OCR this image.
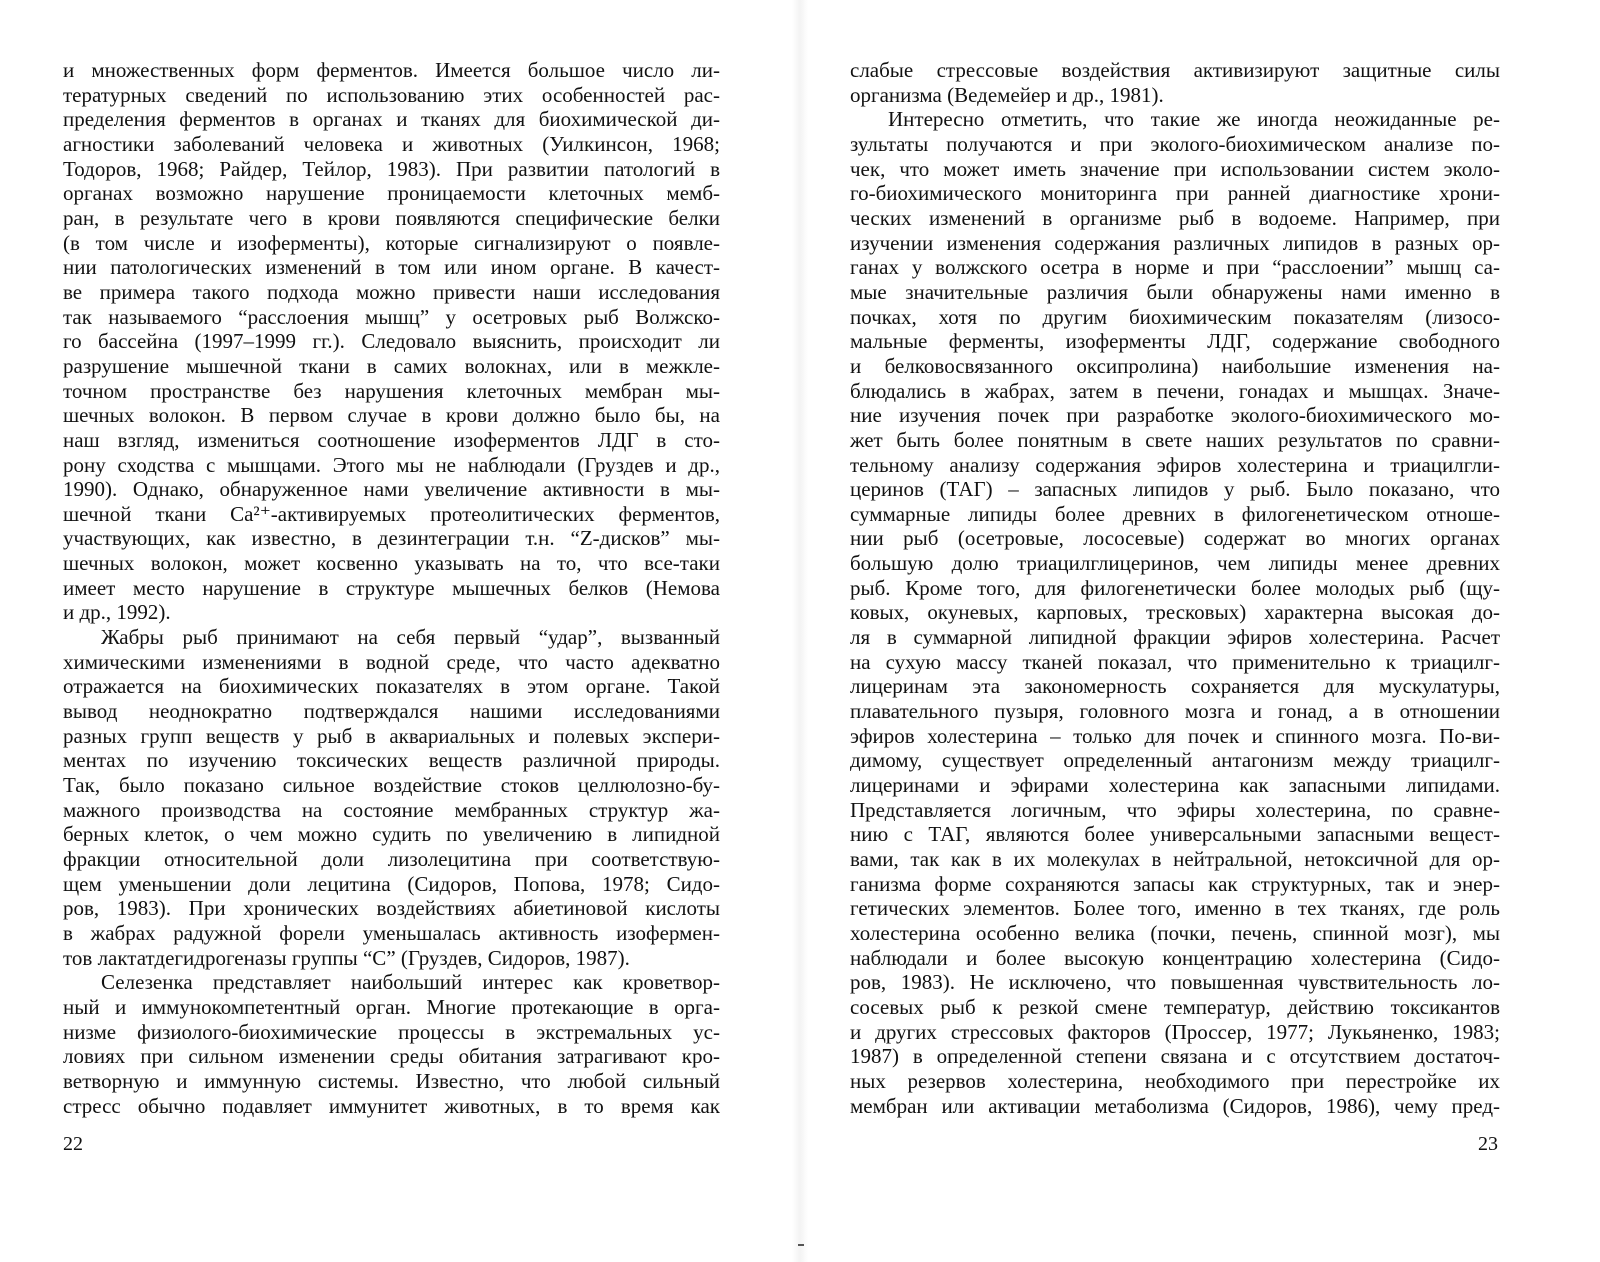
и множественных форм ферментов. Имеется большое число ли-
тературных сведений по использованию этих особенностей рас-
пределения ферментов в органах и тканях для биохимической ди-
агностики заболеваний человека и животных (Уилкинсон, 1968;
Тодоров, 1968; Райдер, Тейлор, 1983). При развитии патологий в
органах возможно нарушение проницаемости клеточных мемб-
ран, в результате чего в крови появляются специфические белки
(в том числе и изоферменты), которые сигнализируют о появле-
нии патологических изменений в том или ином органе. В качест-
ве примера такого подхода можно привести наши исследования
так называемого “расслоения мышц” у осетровых рыб Волжско-
го бассейна (1997–1999 гг.). Следовало выяснить, происходит ли
разрушение мышечной ткани в самих волокнах, или в межкле-
точном пространстве без нарушения клеточных мембран мы-
шечных волокон. В первом случае в крови должно было бы, на
наш взгляд, измениться соотношение изоферментов ЛДГ в сто-
рону сходства с мышцами. Этого мы не наблюдали (Груздев и др.,
1990). Однако, обнаруженное нами увеличение активности в мы-
шечной ткани Са²⁺-активируемых протеолитических ферментов,
участвующих, как известно, в дезинтеграции т.н. “Z-дисков” мы-
шечных волокон, может косвенно указывать на то, что все-таки
имеет место нарушение в структуре мышечных белков (Немова
и др., 1992).
Жабры рыб принимают на себя первый “удар”, вызванный
химическими изменениями в водной среде, что часто адекватно
отражается на биохимических показателях в этом органе. Такой
вывод неоднократно подтверждался нашими исследованиями
разных групп веществ у рыб в аквариальных и полевых экспери-
ментах по изучению токсических веществ различной природы.
Так, было показано сильное воздействие стоков целлюлозно-бу-
мажного производства на состояние мембранных структур жа-
берных клеток, о чем можно судить по увеличению в липидной
фракции относительной доли лизолецитина при соответствую-
щем уменьшении доли лецитина (Сидоров, Попова, 1978; Сидо-
ров, 1983). При хронических воздействиях абиетиновой кислоты
в жабрах радужной форели уменьшалась активность изофермен-
тов лактатдегидрогеназы группы “С” (Груздев, Сидоров, 1987).
Селезенка представляет наибольший интерес как кроветвор-
ный и иммунокомпетентный орган. Многие протекающие в орга-
низме физиолого-биохимические процессы в экстремальных ус-
ловиях при сильном изменении среды обитания затрагивают кро-
ветворную и иммунную системы. Известно, что любой сильный
стресс обычно подавляет иммунитет животных, в то время как
22
слабые стрессовые воздействия активизируют защитные силы
организма (Ведемейер и др., 1981).
Интересно отметить, что такие же иногда неожиданные ре-
зультаты получаются и при эколого-биохимическом анализе по-
чек, что может иметь значение при использовании систем эколо-
го-биохимического мониторинга при ранней диагностике хрони-
ческих изменений в организме рыб в водоеме. Например, при
изучении изменения содержания различных липидов в разных ор-
ганах у волжского осетра в норме и при “расслоении” мышц са-
мые значительные различия были обнаружены нами именно в
почках, хотя по другим биохимическим показателям (лизосо-
мальные ферменты, изоферменты ЛДГ, содержание свободного
и белковосвязанного оксипролина) наибольшие изменения на-
блюдались в жабрах, затем в печени, гонадах и мышцах. Значе-
ние изучения почек при разработке эколого-биохимического мо-
жет быть более понятным в свете наших результатов по сравни-
тельному анализу содержания эфиров холестерина и триацилгли-
церинов (ТАГ) – запасных липидов у рыб. Было показано, что
суммарные липиды более древних в филогенетическом отноше-
нии рыб (осетровые, лососевые) содержат во многих органах
большую долю триацилглицеринов, чем липиды менее древних
рыб. Кроме того, для филогенетически более молодых рыб (щу-
ковых, окуневых, карповых, тресковых) характерна высокая до-
ля в суммарной липидной фракции эфиров холестерина. Расчет
на сухую массу тканей показал, что применительно к триацилг-
лицеринам эта закономерность сохраняется для мускулатуры,
плавательного пузыря, головного мозга и гонад, а в отношении
эфиров холестерина – только для почек и спинного мозга. По-ви-
димому, существует определенный антагонизм между триацилг-
лицеринами и эфирами холестерина как запасными липидами.
Представляется логичным, что эфиры холестерина, по сравне-
нию с ТАГ, являются более универсальными запасными вещест-
вами, так как в их молекулах в нейтральной, нетоксичной для ор-
ганизма форме сохраняются запасы как структурных, так и энер-
гетических элементов. Более того, именно в тех тканях, где роль
холестерина особенно велика (почки, печень, спинной мозг), мы
наблюдали и более высокую концентрацию холестерина (Сидо-
ров, 1983). Не исключено, что повышенная чувствительность ло-
сосевых рыб к резкой смене температур, действию токсикантов
и других стрессовых факторов (Проссер, 1977; Лукьяненко, 1983;
1987) в определенной степени связана и с отсутствием достаточ-
ных резервов холестерина, необходимого при перестройке их
мембран или активации метаболизма (Сидоров, 1986), чему пред-
23
